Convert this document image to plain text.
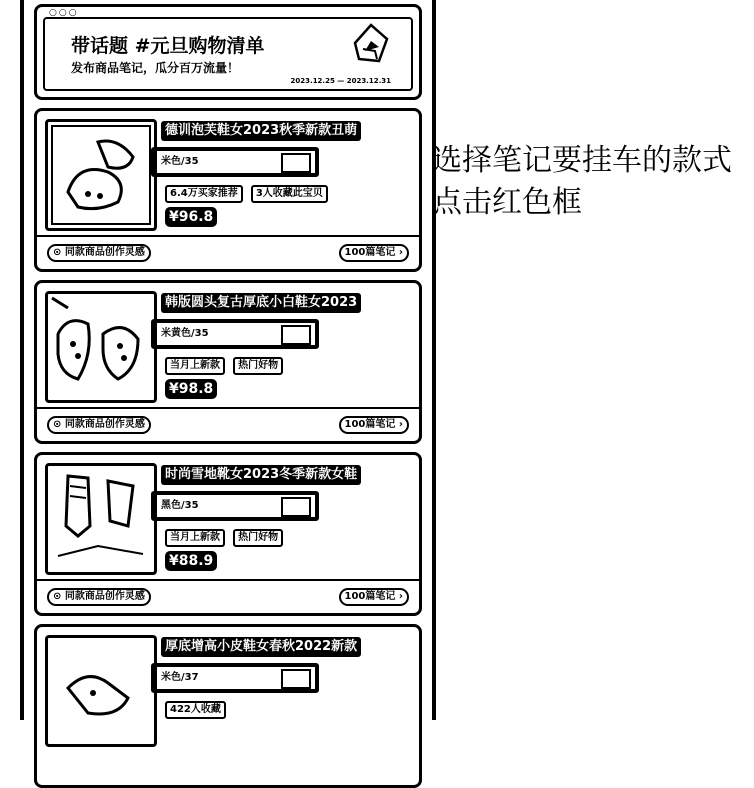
○○○
带话题 #元旦购物清单
发布商品笔记，瓜分百万流量！
2023.12.25 — 2023.12.31
德训泡芙鞋女2023秋季新款丑萌
米色/35
6.4万买家推荐 3人收藏此宝贝
¥96.8
⊙ 同款商品创作灵感	100篇笔记 ›
韩版圆头复古厚底小白鞋女2023
米黄色/35
当月上新款 热门好物
¥98.8
⊙ 同款商品创作灵感	100篇笔记 ›
时尚雪地靴女2023冬季新款女鞋
黑色/35
当月上新款 热门好物
¥88.9
⊙ 同款商品创作灵感	100篇笔记 ›
厚底增高小皮鞋女春秋2022新款
米色/37
422人收藏
选择笔记要挂车的款式
点击红色框
